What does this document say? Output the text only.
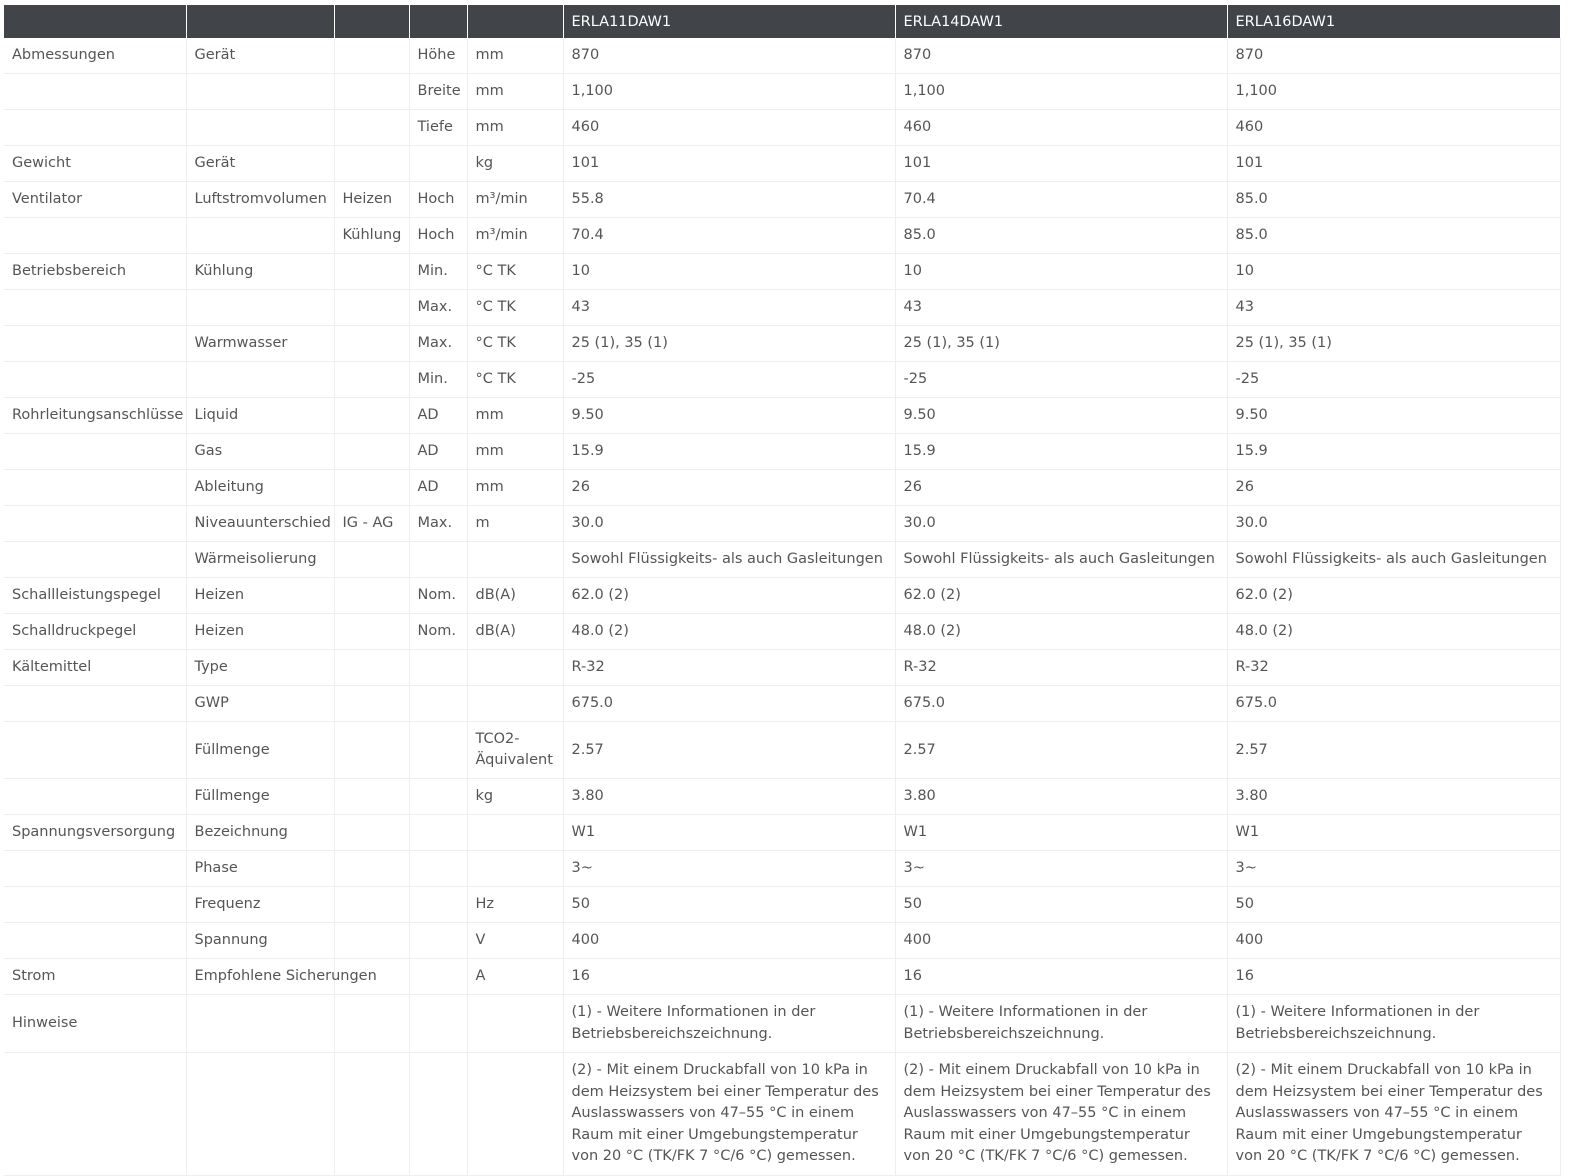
					ERLA11DAW1	ERLA14DAW1	ERLA16DAW1
Abmessungen	Gerät		Höhe	mm	870	870	870
			Breite	mm	1,100	1,100	1,100
			Tiefe	mm	460	460	460
Gewicht	Gerät			kg	101	101	101
Ventilator	Luftstromvolumen	Heizen	Hoch	m³/min	55.8	70.4	85.0
		Kühlung	Hoch	m³/min	70.4	85.0	85.0
Betriebsbereich	Kühlung		Min.	°C TK	10	10	10
			Max.	°C TK	43	43	43
	Warmwasser		Max.	°C TK	25 (1), 35 (1)	25 (1), 35 (1)	25 (1), 35 (1)
			Min.	°C TK	-25	-25	-25
Rohrleitungsanschlüsse	Liquid		AD	mm	9.50	9.50	9.50
	Gas		AD	mm	15.9	15.9	15.9
	Ableitung		AD	mm	26	26	26
	Niveauunterschied	IG - AG	Max.	m	30.0	30.0	30.0
	Wärmeisolierung				Sowohl Flüssigkeits- als auch Gasleitungen	Sowohl Flüssigkeits- als auch Gasleitungen	Sowohl Flüssigkeits- als auch Gasleitungen
Schallleistungspegel	Heizen		Nom.	dB(A)	62.0 (2)	62.0 (2)	62.0 (2)
Schalldruckpegel	Heizen		Nom.	dB(A)	48.0 (2)	48.0 (2)	48.0 (2)
Kältemittel	Type				R-32	R-32	R-32
	GWP				675.0	675.0	675.0
	Füllmenge			TCO2-Äquivalent	2.57	2.57	2.57
	Füllmenge			kg	3.80	3.80	3.80
Spannungsversorgung	Bezeichnung				W1	W1	W1
	Phase				3~	3~	3~
	Frequenz			Hz	50	50	50
	Spannung			V	400	400	400
Strom	Empfohlene Sicherungen			A	16	16	16
Hinweise					(1) - Weitere Informationen in der Betriebsbereichszeichnung.	(1) - Weitere Informationen in der Betriebsbereichszeichnung.	(1) - Weitere Informationen in der Betriebsbereichszeichnung.
					(2) - Mit einem Druckabfall von 10 kPa in dem Heizsystem bei einer Temperatur des Auslasswassers von 47–55 °C in einem Raum mit einer Umgebungstemperatur von 20 °C (TK/FK 7 °C/6 °C) gemessen.	(2) - Mit einem Druckabfall von 10 kPa in dem Heizsystem bei einer Temperatur des Auslasswassers von 47–55 °C in einem Raum mit einer Umgebungstemperatur von 20 °C (TK/FK 7 °C/6 °C) gemessen.	(2) - Mit einem Druckabfall von 10 kPa in dem Heizsystem bei einer Temperatur des Auslasswassers von 47–55 °C in einem Raum mit einer Umgebungstemperatur von 20 °C (TK/FK 7 °C/6 °C) gemessen.
